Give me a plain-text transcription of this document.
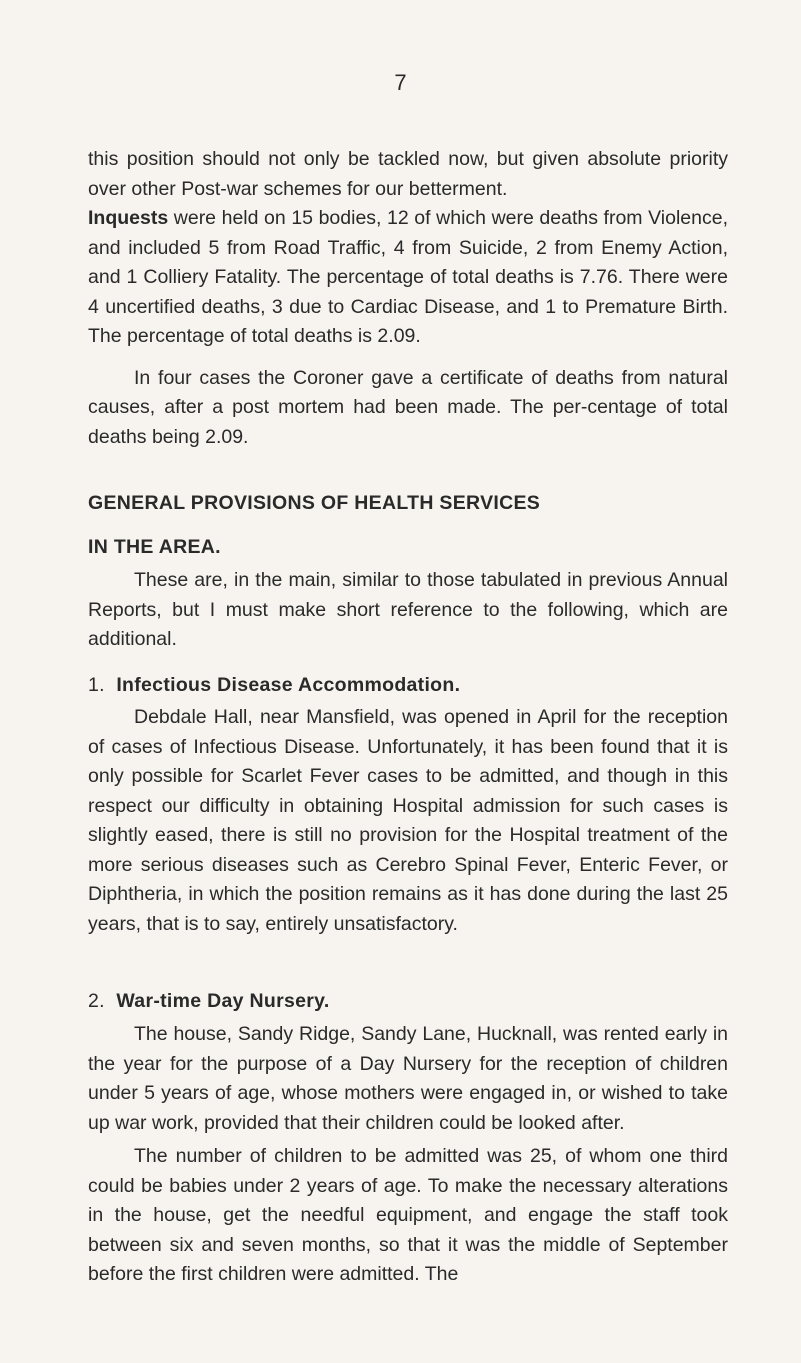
7

this position should not only be tackled now, but given absolute priority over other Post-war schemes for our betterment.

Inquests were held on 15 bodies, 12 of which were deaths from Violence, and included 5 from Road Traffic, 4 from Suicide, 2 from Enemy Action, and 1 Colliery Fatality. The percentage of total deaths is 7.76. There were 4 uncertified deaths, 3 due to Cardiac Disease, and 1 to Premature Birth. The percentage of total deaths is 2.09.

In four cases the Coroner gave a certificate of deaths from natural causes, after a post mortem had been made. The per-centage of total deaths being 2.09.

GENERAL PROVISIONS OF HEALTH SERVICES
IN THE AREA.

These are, in the main, similar to those tabulated in previous Annual Reports, but I must make short reference to the following, which are additional.

1. Infectious Disease Accommodation.

Debdale Hall, near Mansfield, was opened in April for the reception of cases of Infectious Disease. Unfortunately, it has been found that it is only possible for Scarlet Fever cases to be admitted, and though in this respect our difficulty in obtaining Hospital admission for such cases is slightly eased, there is still no provision for the Hospital treatment of the more serious diseases such as Cerebro Spinal Fever, Enteric Fever, or Diphtheria, in which the position remains as it has done during the last 25 years, that is to say, entirely unsatisfactory.

2. War-time Day Nursery.

The house, Sandy Ridge, Sandy Lane, Hucknall, was rented early in the year for the purpose of a Day Nursery for the reception of children under 5 years of age, whose mothers were engaged in, or wished to take up war work, provided that their children could be looked after.

The number of children to be admitted was 25, of whom one third could be babies under 2 years of age. To make the necessary alterations in the house, get the needful equipment, and engage the staff took between six and seven months, so that it was the middle of September before the first children were admitted. The
